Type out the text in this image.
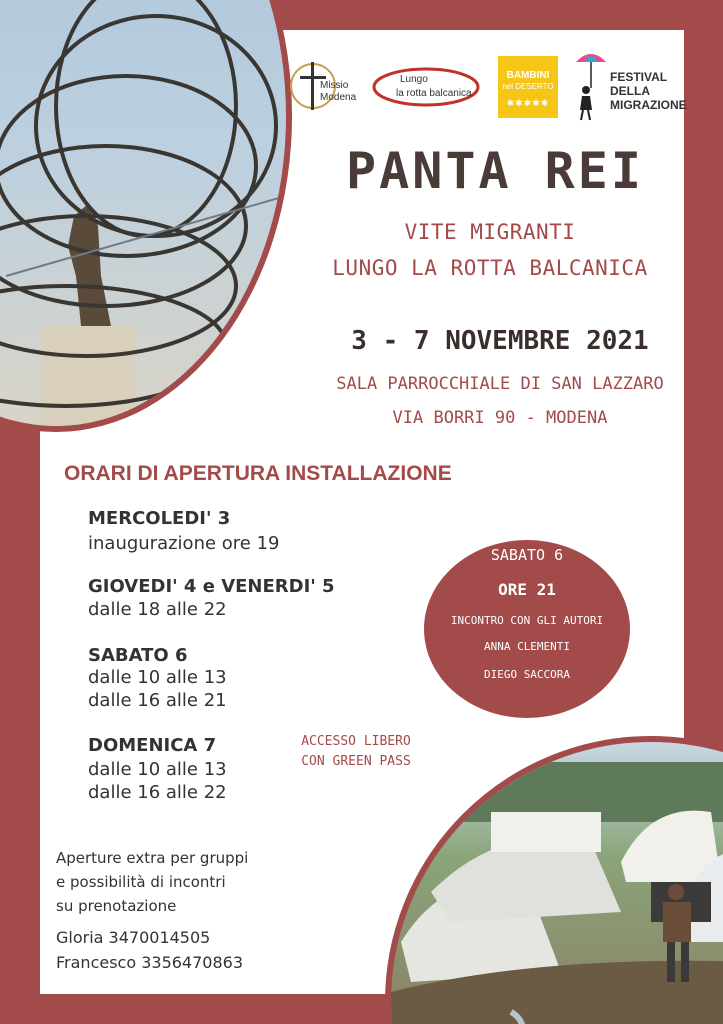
Missio
Modena
Lungo
la rotta balcanica
BAMBINI
nel DESERTO
✱✱✱✱✱
FESTIVAL
DELLA
MIGRAZIONE
PANTA REI
VITE MIGRANTI
LUNGO LA ROTTA BALCANICA
3 - 7 NOVEMBRE 2021
SALA PARROCCHIALE DI SAN LAZZARO
VIA BORRI 90 - MODENA
ORARI DI APERTURA INSTALLAZIONE
MERCOLEDI' 3
inaugurazione ore 19
GIOVEDI' 4 e VENERDI' 5
dalle 18 alle 22
SABATO 6
dalle 10 alle 13
dalle 16 alle 21
DOMENICA 7
dalle 10 alle 13
dalle 16 alle 22
SABATO 6
ORE 21
INCONTRO CON GLI AUTORI
ANNA CLEMENTI
DIEGO SACCORA
ACCESSO LIBERO
CON GREEN PASS
Aperture extra per gruppi
e possibilità di incontri
su prenotazione
Gloria 3470014505
Francesco 3356470863
